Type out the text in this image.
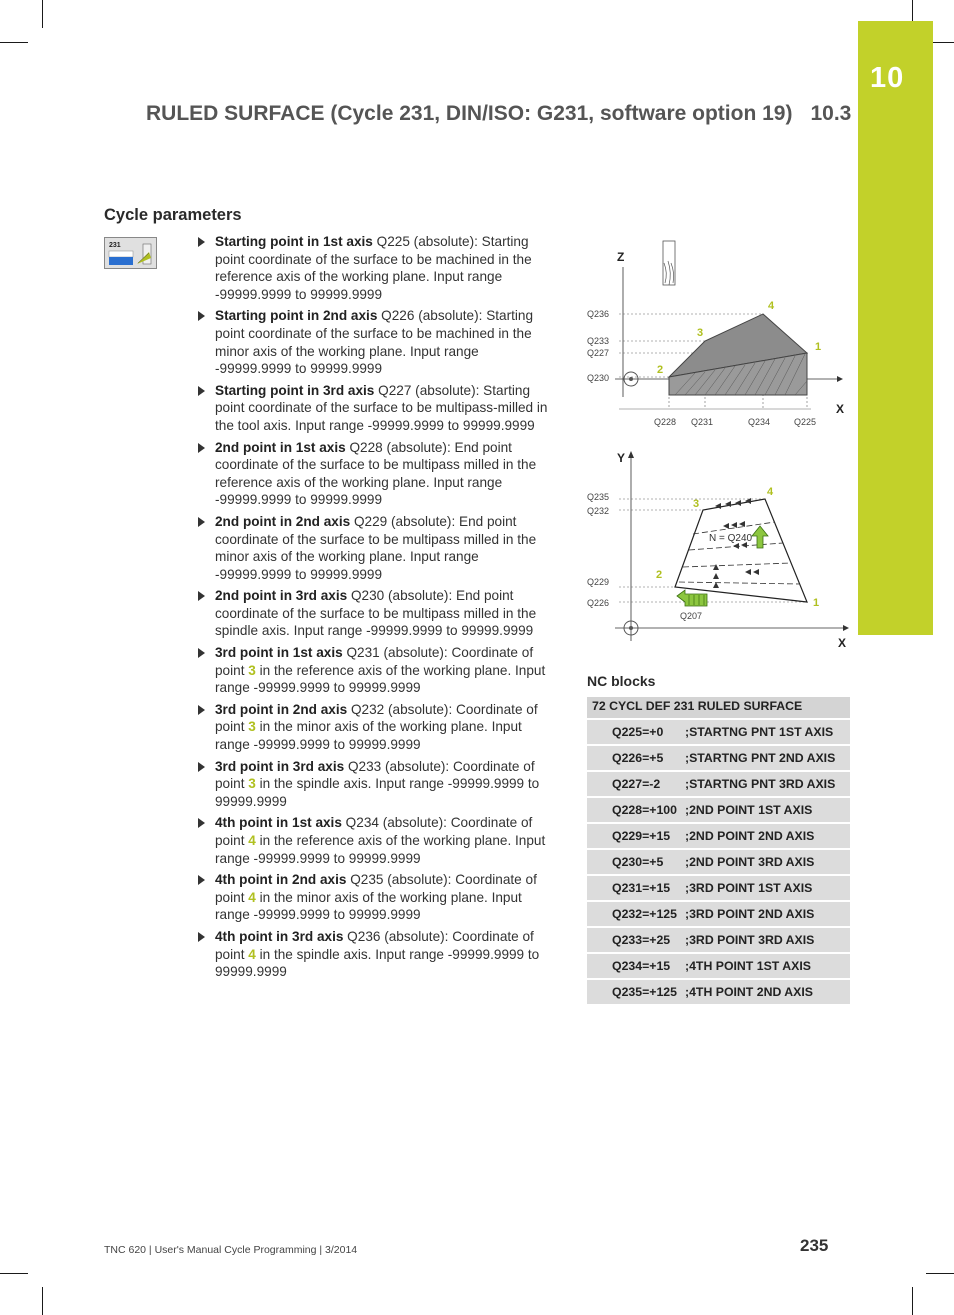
10
RULED SURFACE (Cycle 231, DIN/ISO: G231, software option 19) 10.3
Cycle parameters
231	Starting point in 1st axis Q225 (absolute): Starting point coordinate of the surface to be machined in the reference axis of the working plane. Input range -99999.9999 to 99999.9999
Starting point in 2nd axis Q226 (absolute): Starting point coordinate of the surface to be machined in the minor axis of the working plane. Input range -99999.9999 to 99999.9999
Starting point in 3rd axis Q227 (absolute): Starting point coordinate of the surface to be multipass-milled in the tool axis. Input range -99999.9999 to 99999.9999
2nd point in 1st axis Q228 (absolute): End point coordinate of the surface to be multipass milled in the reference axis of the working plane. Input range -99999.9999 to 99999.9999
2nd point in 2nd axis Q229 (absolute): End point coordinate of the surface to be multipass milled in the minor axis of the working plane. Input range -99999.9999 to 99999.9999
2nd point in 3rd axis Q230 (absolute): End point coordinate of the surface to be multipass milled in the spindle axis. Input range -99999.9999 to 99999.9999
3rd point in 1st axis Q231 (absolute): Coordinate of point 3 in the reference axis of the working plane. Input range -99999.9999 to 99999.9999
3rd point in 2nd axis Q232 (absolute): Coordinate of point 3 in the minor axis of the working plane. Input range -99999.9999 to 99999.9999
3rd point in 3rd axis Q233 (absolute): Coordinate of point 3 in the spindle axis. Input range -99999.9999 to 99999.9999
4th point in 1st axis Q234 (absolute): Coordinate of point 4 in the reference axis of the working plane. Input range -99999.9999 to 99999.9999
4th point in 2nd axis Q235 (absolute): Coordinate of point 4 in the minor axis of the working plane. Input range -99999.9999 to 99999.9999
4th point in 3rd axis Q236 (absolute): Coordinate of point 4 in the spindle axis. Input range -99999.9999 to 99999.9999
Z
X
1
2
3
4
Q236
Q233
Q227
Q230
Q228 Q231	Q234	Q225
Y
X
N = Q240
Q207
1
2
3
4
Q235
Q232
Q229
Q226
NC blocks
72 CYCL DEF 231 RULED SURFACE	
Q225=+0	;STARTNG PNT 1ST AXIS
Q226=+5	;STARTNG PNT 2ND AXIS
Q227=-2	;STARTNG PNT 3RD AXIS
Q228=+100	;2ND POINT 1ST AXIS
Q229=+15	;2ND POINT 2ND AXIS
Q230=+5	;2ND POINT 3RD AXIS
Q231=+15	;3RD POINT 1ST AXIS
Q232=+125	;3RD POINT 2ND AXIS
Q233=+25	;3RD POINT 3RD AXIS
Q234=+15	;4TH POINT 1ST AXIS
Q235=+125	;4TH POINT 2ND AXIS
TNC 620 | User's Manual Cycle Programming | 3/2014	235
